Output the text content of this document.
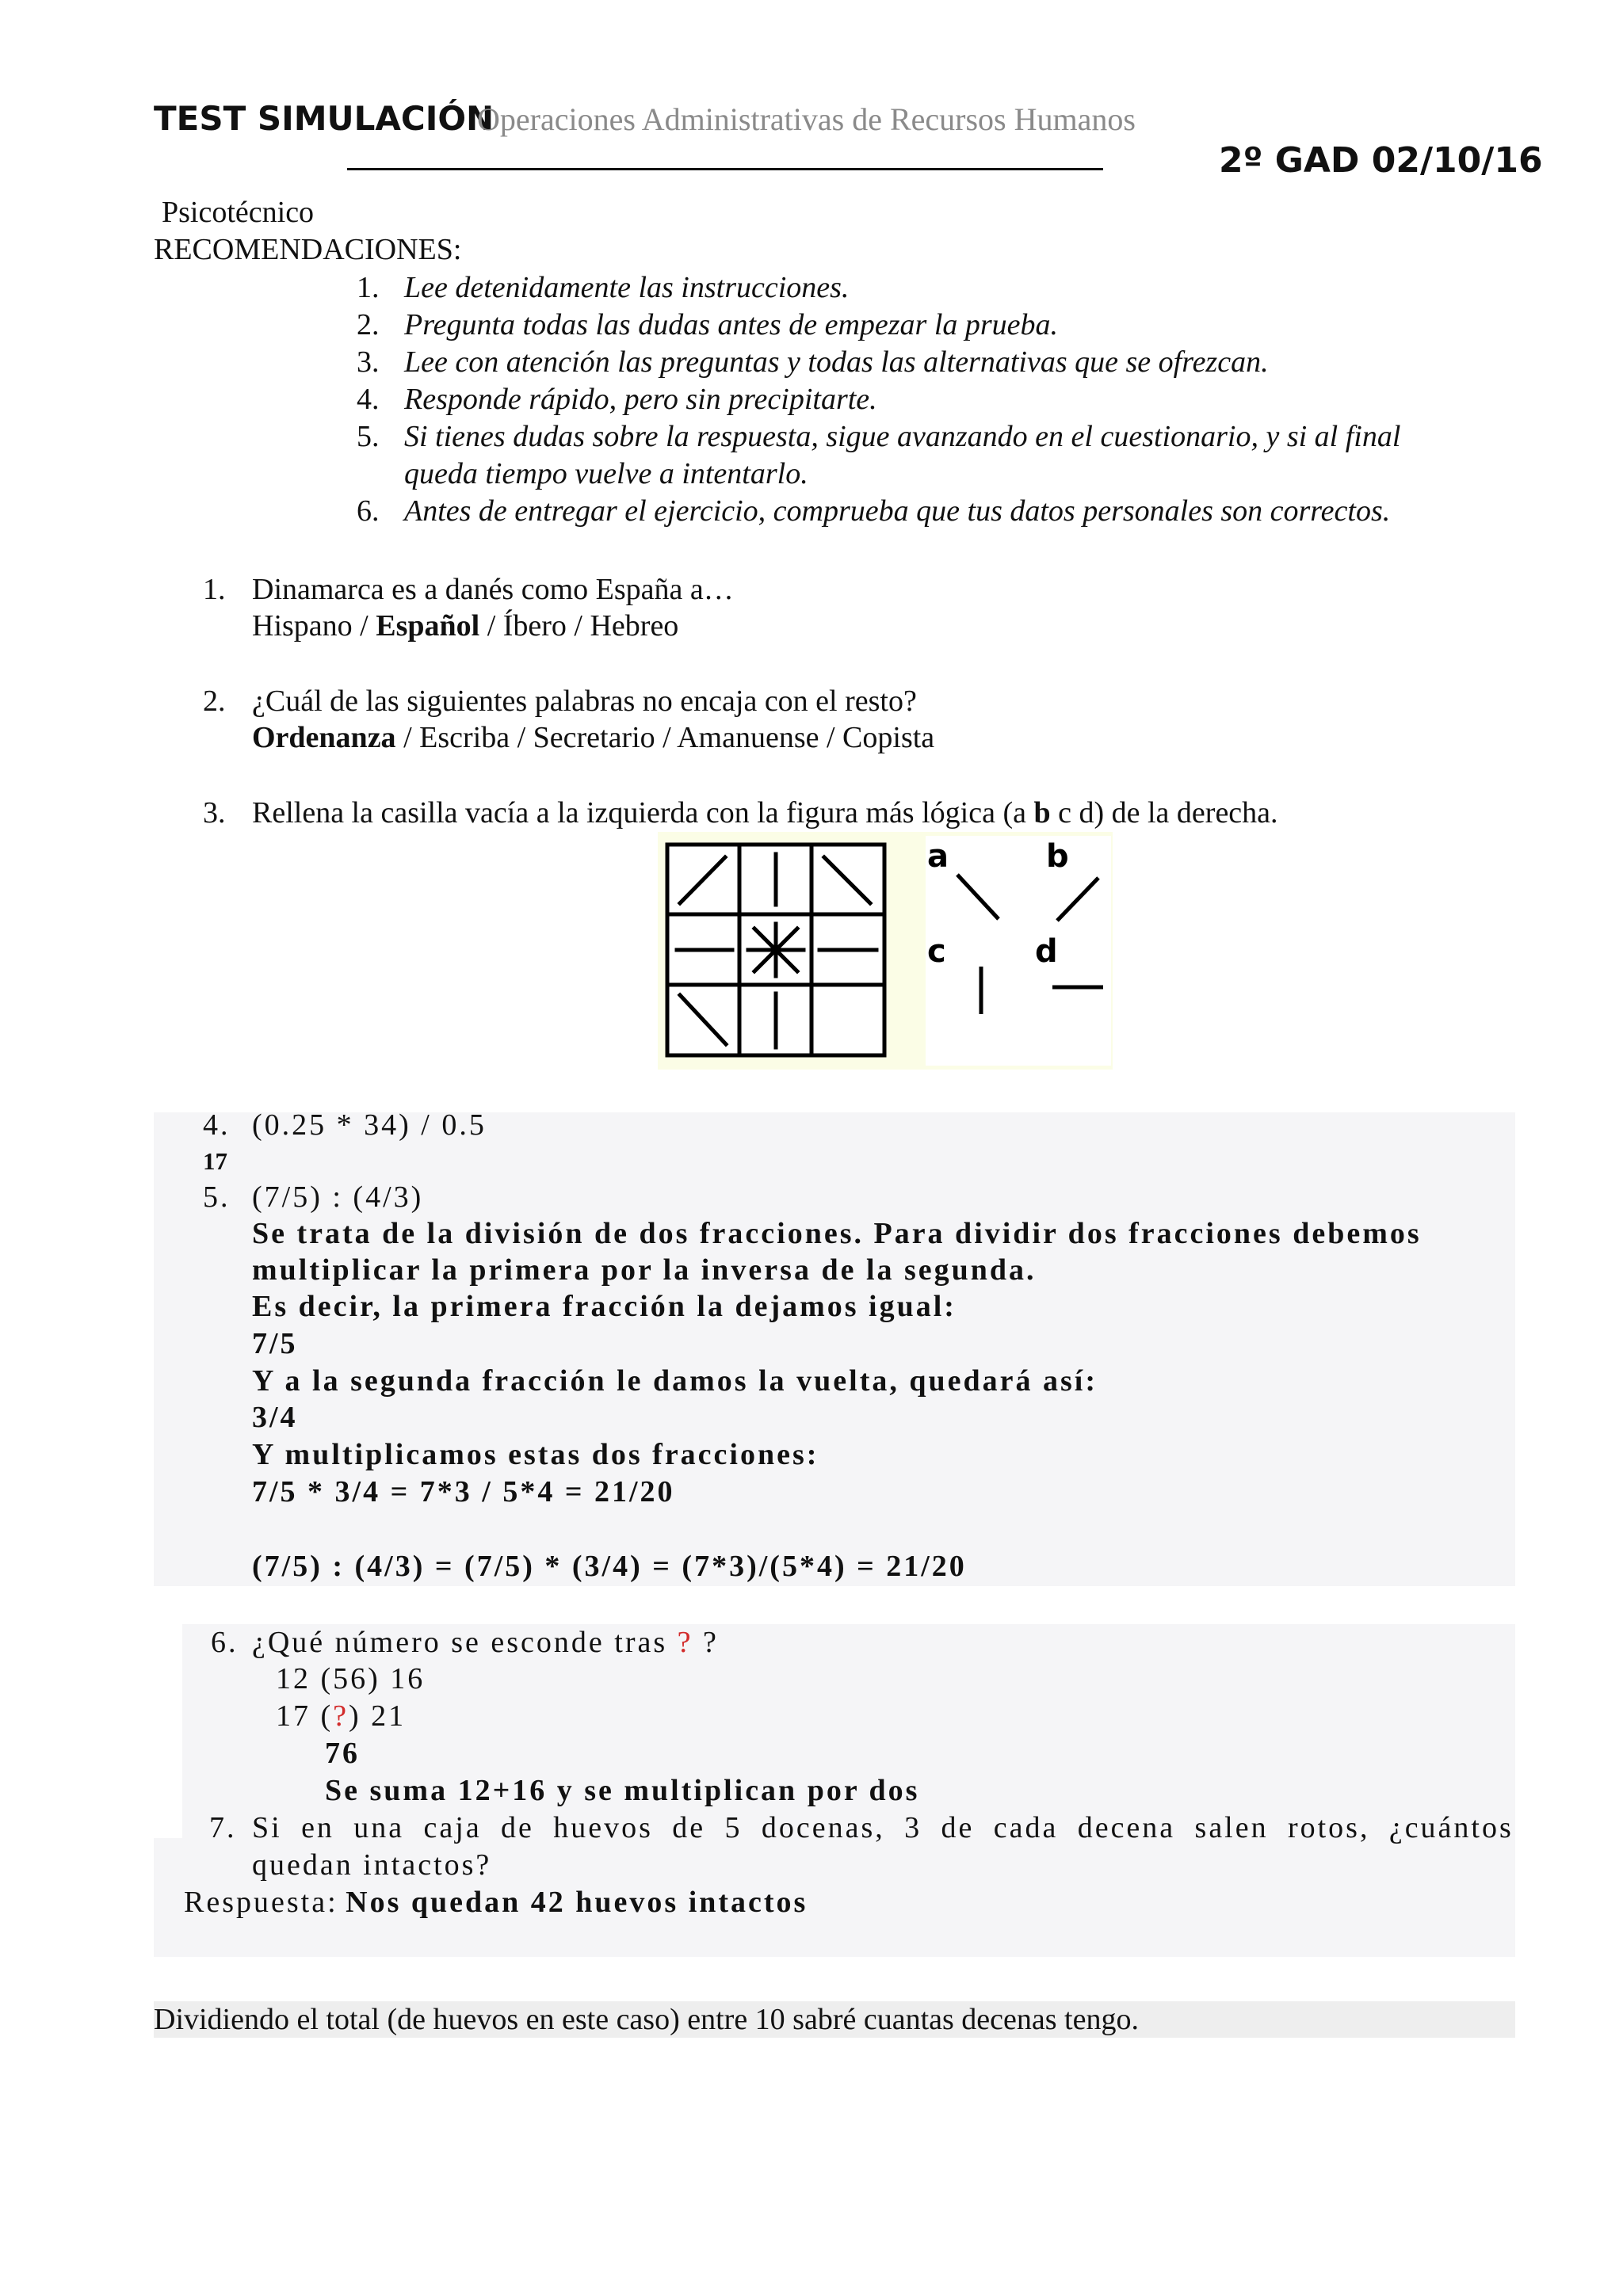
TEST SIMULACIÓN
Operaciones Administrativas de Recursos Humanos
2º GAD 02/10/16
Psicotécnico
RECOMENDACIONES:
1. Lee detenidamente las instrucciones.
2. Pregunta todas las dudas antes de empezar la prueba.
3. Lee con atención las preguntas y todas las alternativas que se ofrezcan.
4. Responde rápido, pero sin precipitarte.
5. Si tienes dudas sobre la respuesta, sigue avanzando en el cuestionario, y si al final
queda tiempo vuelve a intentarlo.
6. Antes de entregar el ejercicio, comprueba que tus datos personales son correctos.
1. Dinamarca es a danés como España a…
Hispano / Español / Íbero / Hebreo
2. ¿Cuál de las siguientes palabras no encaja con el resto?
Ordenanza / Escriba / Secretario / Amanuense / Copista
3. Rellena la casilla vacía a la izquierda con la figura más lógica (a b c d) de la derecha.
a	b
c	d
4. (0.25 * 34) / 0.5
17
5. (7/5) : (4/3)
Se trata de la división de dos fracciones. Para dividir dos fracciones debemos
multiplicar la primera por la inversa de la segunda.
Es decir, la primera fracción la dejamos igual:
7/5
Y a la segunda fracción le damos la vuelta, quedará así:
3/4
Y multiplicamos estas dos fracciones:
7/5 * 3/4 = 7*3 / 5*4 = 21/20
(7/5) : (4/3) = (7/5) * (3/4) = (7*3)/(5*4) = 21/20
6. ¿Qué número se esconde tras ? ?
12 (56) 16
17 (?) 21
76
Se suma 12+16 y se multiplican por dos
7. Si en una caja de huevos de 5 docenas, 3 de cada decena salen rotos, ¿cuántos
quedan intactos?
Respuesta: Nos quedan 42 huevos intactos
Dividiendo el total (de huevos en este caso) entre 10 sabré cuantas decenas tengo.
